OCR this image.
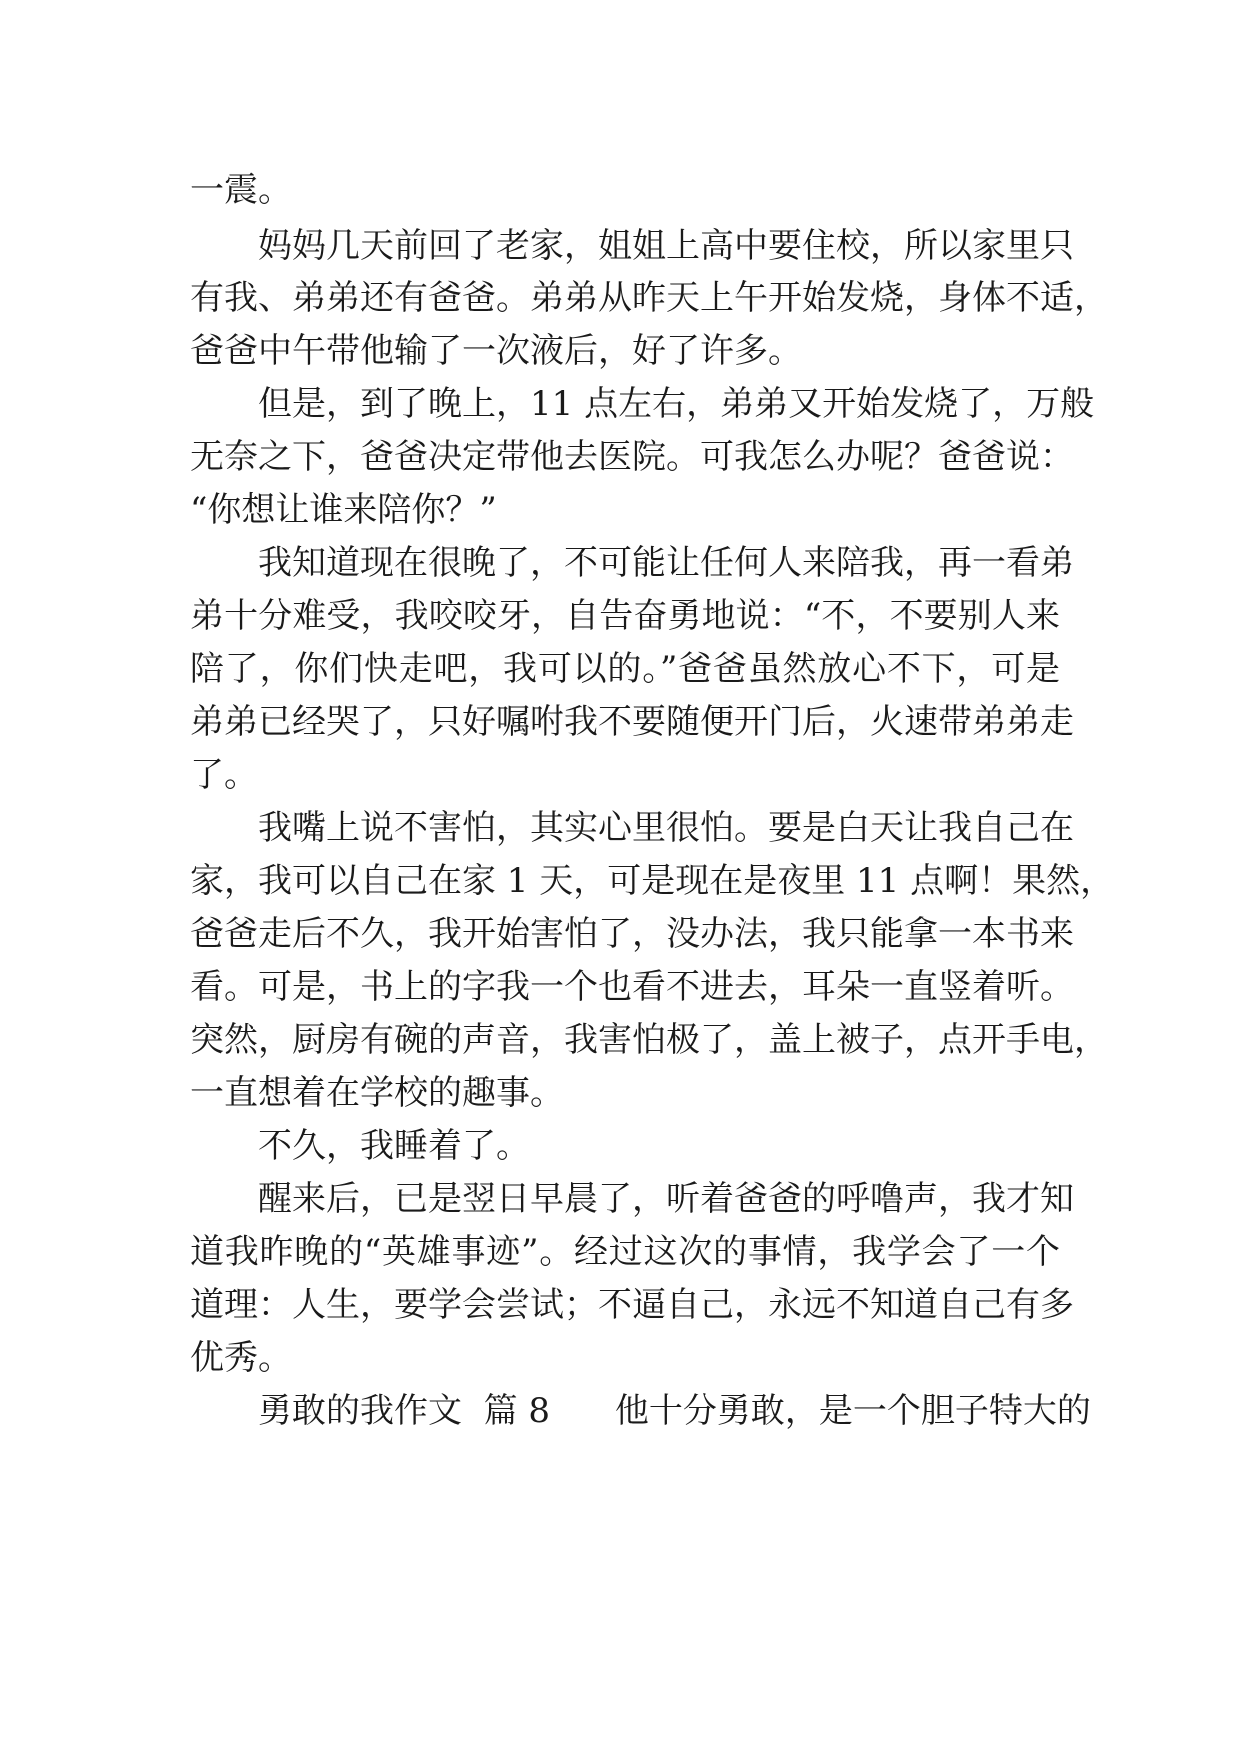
一震。
妈妈几天前回了老家，姐姐上高中要住校，所以家里只
有我、弟弟还有爸爸。弟弟从昨天上午开始发烧，身体不适，
爸爸中午带他输了一次液后，好了许多。
但是，到了晚上，11 点左右，弟弟又开始发烧了，万般
无奈之下，爸爸决定带他去医院。可我怎么办呢？爸爸说：
“你想让谁来陪你？”
我知道现在很晚了，不可能让任何人来陪我，再一看弟
弟十分难受，我咬咬牙，自告奋勇地说：“不，不要别人来
陪了，你们快走吧，我可以的。”爸爸虽然放心不下，可是
弟弟已经哭了，只好嘱咐我不要随便开门后，火速带弟弟走
了。
我嘴上说不害怕，其实心里很怕。要是白天让我自己在
家，我可以自己在家 1 天，可是现在是夜里 11 点啊！果然，
爸爸走后不久，我开始害怕了，没办法，我只能拿一本书来
看。可是，书上的字我一个也看不进去，耳朵一直竖着听。
突然，厨房有碗的声音，我害怕极了，盖上被子，点开手电，
一直想着在学校的趣事。
不久，我睡着了。
醒来后，已是翌日早晨了，听着爸爸的呼噜声，我才知
道我昨晚的“英雄事迹”。经过这次的事情，我学会了一个
道理：人生，要学会尝试；不逼自己，永远不知道自己有多
优秀。
勇敢的我作文  篇 8      他十分勇敢，是一个胆子特大的
